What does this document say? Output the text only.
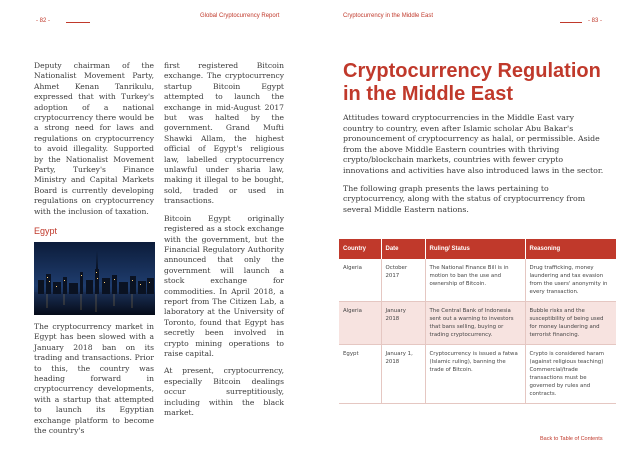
- 82 -
Global Cryptocurrency Report	Cryptocurrency in the Middle East
- 83 -

Deputy chairman of the Nationalist Movement Party, Ahmet Kenan Tanrikulu, expressed that with Turkey's adoption of a national cryptocurrency there would be a strong need for laws and regulations on cryptocurrency to avoid illegality. Supported by the Nationalist Movement Party, Turkey's Finance Ministry and Capital Markets Board is currently developing regulations on cryptocurrency with the inclusion of taxation.

Egypt

The cryptocurrency market in Egypt has been slowed with a January 2018 ban on its trading and transactions. Prior to this, the country was heading forward in cryptocurrency developments, with a startup that attempted to launch its Egyptian exchange platform to become the country's

first registered Bitcoin exchange. The cryptocurrency startup Bitcoin Egypt attempted to launch the exchange in mid-August 2017 but was halted by the government. Grand Mufti Shawki Allam, the highest official of Egypt's religious law, labelled cryptocurrency unlawful under sharia law, making it illegal to be bought, sold, traded or used in transactions.

Bitcoin Egypt originally registered as a stock exchange with the government, but the Financial Regulatory Authority announced that only the government will launch a stock exchange for commodities. In April 2018, a report from The Citizen Lab, a laboratory at the University of Toronto, found that Egypt has secretly been involved in crypto mining operations to raise capital.

At present, cryptocurrency, especially Bitcoin dealings occur surreptitiously, including within the black market.

Cryptocurrency Regulation in the Middle East

Attitudes toward cryptocurrencies in the Middle East vary country to country, even after Islamic scholar Abu Bakar's pronouncement of cryptocurrency as halal, or permissible. Aside from the above Middle Eastern countries with thriving crypto/blockchain markets, countries with fewer crypto innovations and activities have also introduced laws in the sector.

The following graph presents the laws pertaining to cryptocurrency, along with the status of cryptocurrency from several Middle Eastern nations.

Country	Date	Ruling/ Status	Reasoning
Algeria	October 2017	The National Finance Bill is in motion to ban the use and ownership of Bitcoin.	Drug trafficking, money laundering and tax evasion from the users' anonymity in every transaction.
Algeria	January 2018	The Central Bank of Indonesia sent out a warning to investors that bans selling, buying or trading cryptocurrency.	Bubble risks and the susceptibility of being used for money laundering and terrorist financing.
Egypt	January 1, 2018	Cryptocurrency is issued a fatwa (Islamic ruling), banning the trade of Bitcoin.	Crypto is considered haram (against religious teaching) Commercial/trade transactions must be governed by rules and contracts.
Back to Table of Contents
